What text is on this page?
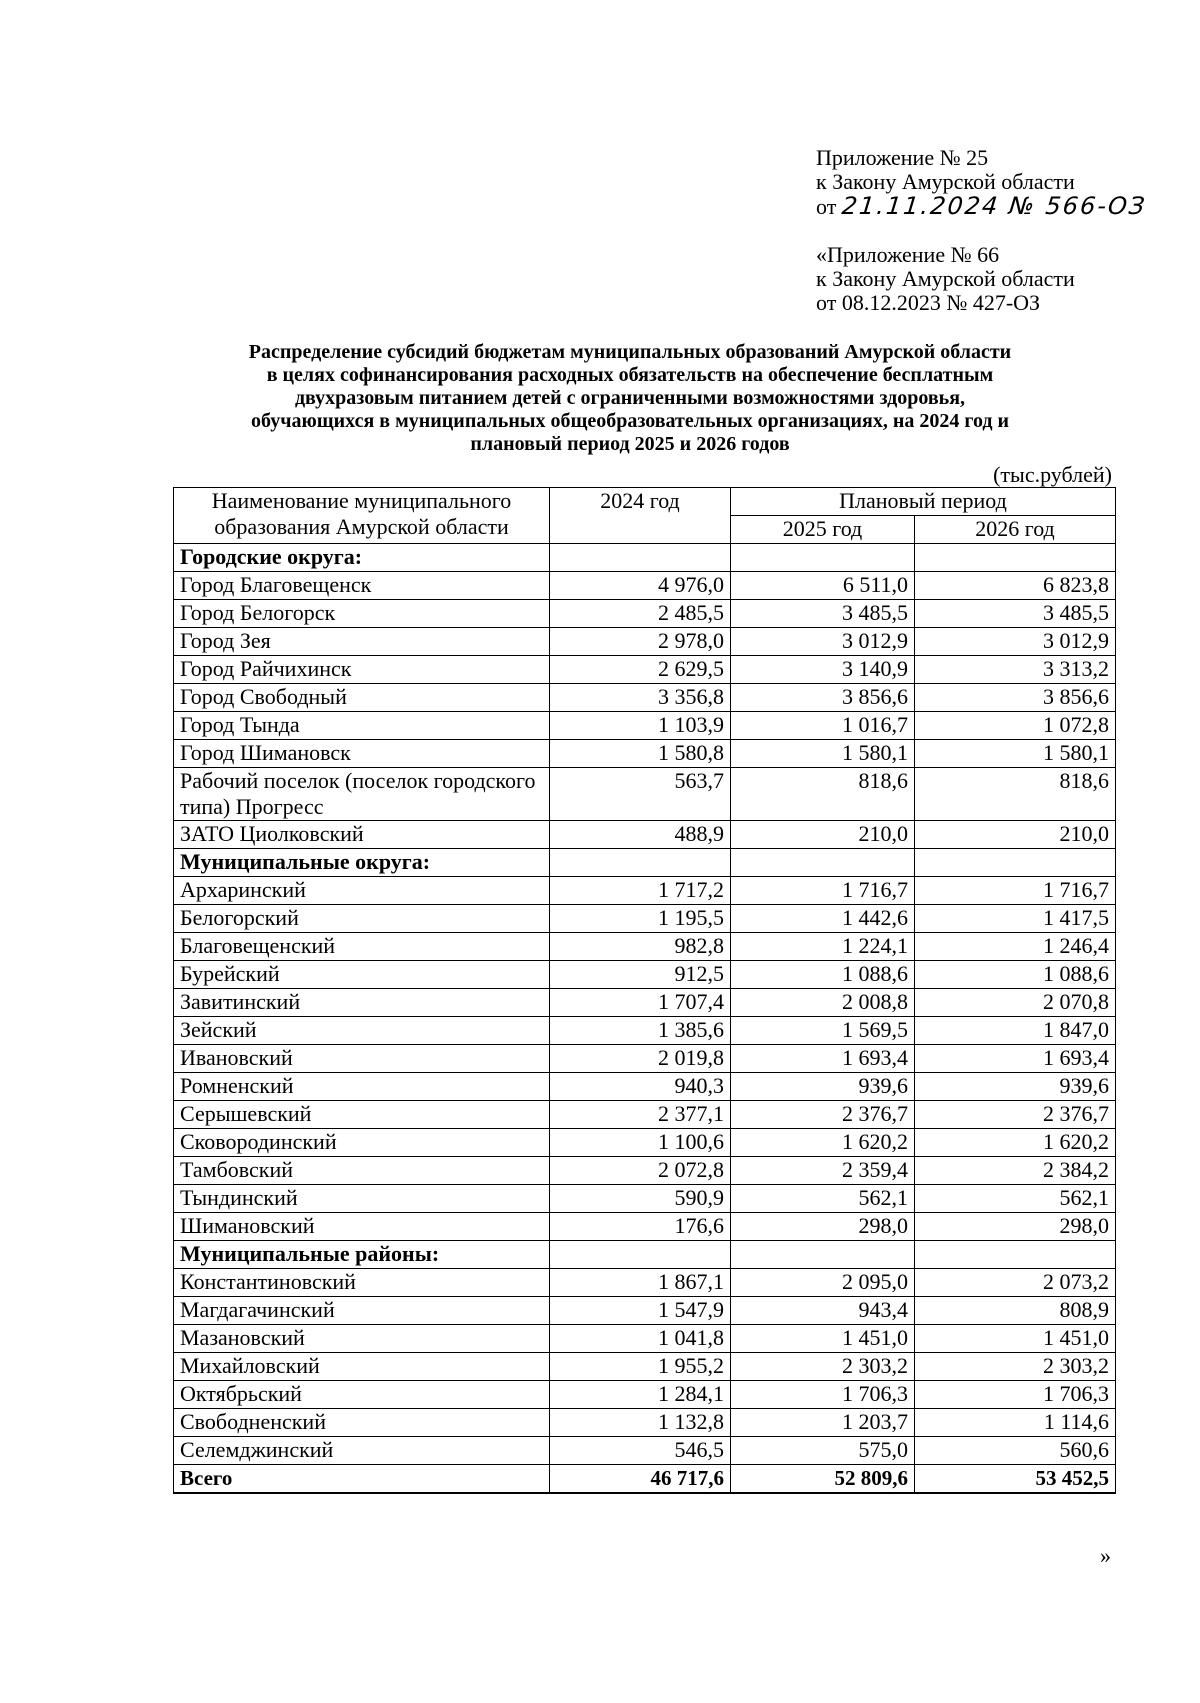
Приложение № 25
к Закону Амурской области
от 21.11.2024 № 566-ОЗ
«Приложение № 66
к Закону Амурской области
от 08.12.2023 № 427-ОЗ
Распределение субсидий бюджетам муниципальных образований Амурской области
в целях софинансирования расходных обязательств на обеспечение бесплатным
двухразовым питанием детей с ограниченными возможностями здоровья,
обучающихся в муниципальных общеобразовательных организациях, на 2024 год и
плановый период 2025 и 2026 годов
(тыс.рублей)
Наименование муниципального образования Амурской области	2024 год	Плановый период	
		2025 год	2026 год
Городские округа:			
Город Благовещенск	4 976,0	6 511,0	6 823,8
Город Белогорск	2 485,5	3 485,5	3 485,5
Город Зея	2 978,0	3 012,9	3 012,9
Город Райчихинск	2 629,5	3 140,9	3 313,2
Город Свободный	3 356,8	3 856,6	3 856,6
Город Тында	1 103,9	1 016,7	1 072,8
Город Шимановск	1 580,8	1 580,1	1 580,1
Рабочий поселок (поселок городского типа) Прогресс	563,7	818,6	818,6
ЗАТО Циолковский	488,9	210,0	210,0
Муниципальные округа:			
Архаринский	1 717,2	1 716,7	1 716,7
Белогорский	1 195,5	1 442,6	1 417,5
Благовещенский	982,8	1 224,1	1 246,4
Бурейский	912,5	1 088,6	1 088,6
Завитинский	1 707,4	2 008,8	2 070,8
Зейский	1 385,6	1 569,5	1 847,0
Ивановский	2 019,8	1 693,4	1 693,4
Ромненский	940,3	939,6	939,6
Серышевский	2 377,1	2 376,7	2 376,7
Сковородинский	1 100,6	1 620,2	1 620,2
Тамбовский	2 072,8	2 359,4	2 384,2
Тындинский	590,9	562,1	562,1
Шимановский	176,6	298,0	298,0
Муниципальные районы:			
Константиновский	1 867,1	2 095,0	2 073,2
Магдагачинский	1 547,9	943,4	808,9
Мазановский	1 041,8	1 451,0	1 451,0
Михайловский	1 955,2	2 303,2	2 303,2
Октябрьский	1 284,1	1 706,3	1 706,3
Свободненский	1 132,8	1 203,7	1 114,6
Селемджинский	546,5	575,0	560,6
Всего	46 717,6	52 809,6	53 452,5
»
